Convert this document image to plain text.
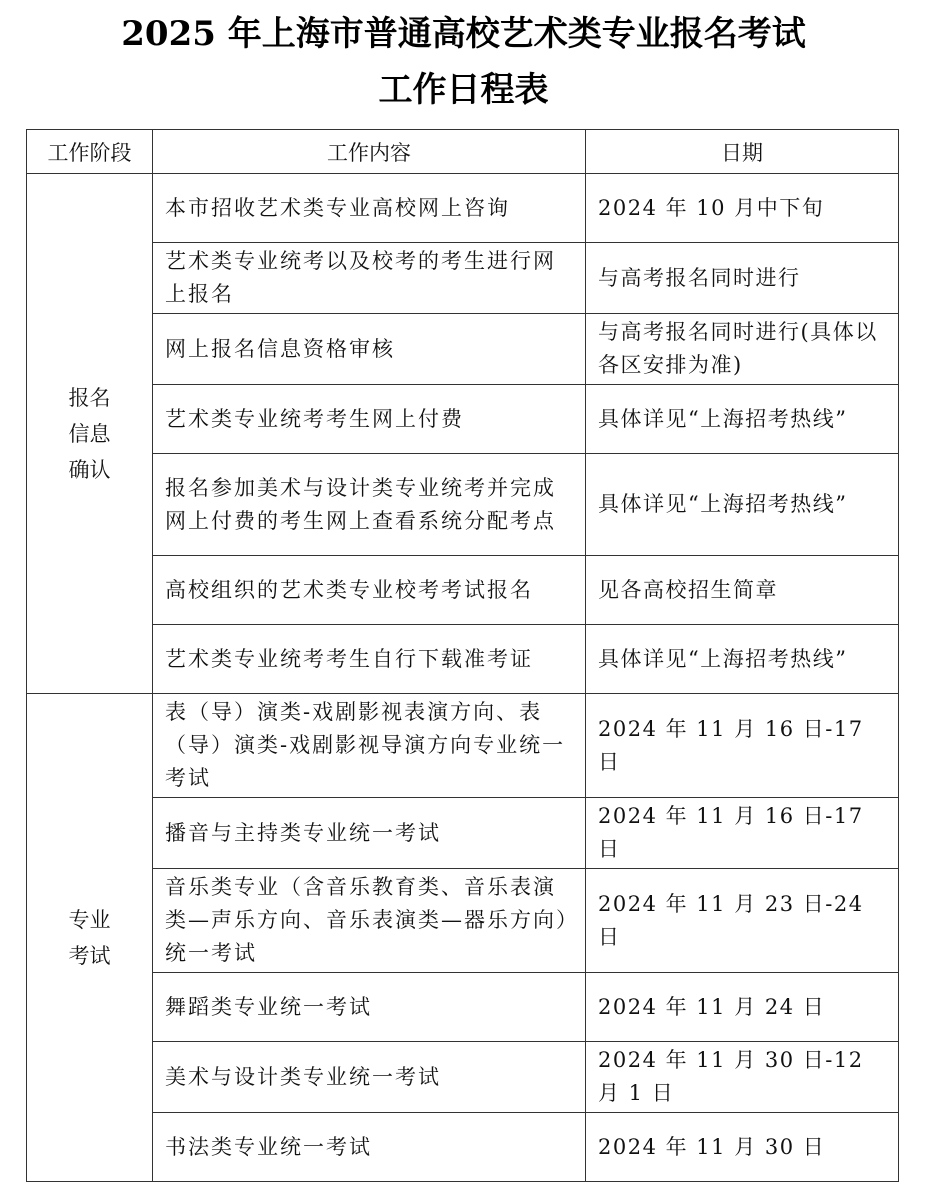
2025 年上海市普通高校艺术类专业报名考试
工作日程表
工作阶段	工作内容	日期
报名信息确认	本市招收艺术类专业高校网上咨询	2024 年 10 月中下旬
	艺术类专业统考以及校考的考生进行网上报名	与高考报名同时进行
	网上报名信息资格审核	与高考报名同时进行(具体以各区安排为准)
	艺术类专业统考考生网上付费	具体详见“上海招考热线”
	报名参加美术与设计类专业统考并完成网上付费的考生网上查看系统分配考点	具体详见“上海招考热线”
	高校组织的艺术类专业校考考试报名	见各高校招生简章
	艺术类专业统考考生自行下载准考证	具体详见“上海招考热线”
专业考试	表（导）演类-戏剧影视表演方向、表（导）演类-戏剧影视导演方向专业统一考试	2024 年 11 月 16 日-17 日
	播音与主持类专业统一考试	2024 年 11 月 16 日-17 日
	音乐类专业（含音乐教育类、音乐表演类—声乐方向、音乐表演类—器乐方向）统一考试	2024 年 11 月 23 日-24 日
	舞蹈类专业统一考试	2024 年 11 月 24 日
	美术与设计类专业统一考试	2024 年 11 月 30 日-12 月 1 日
	书法类专业统一考试	2024 年 11 月 30 日
